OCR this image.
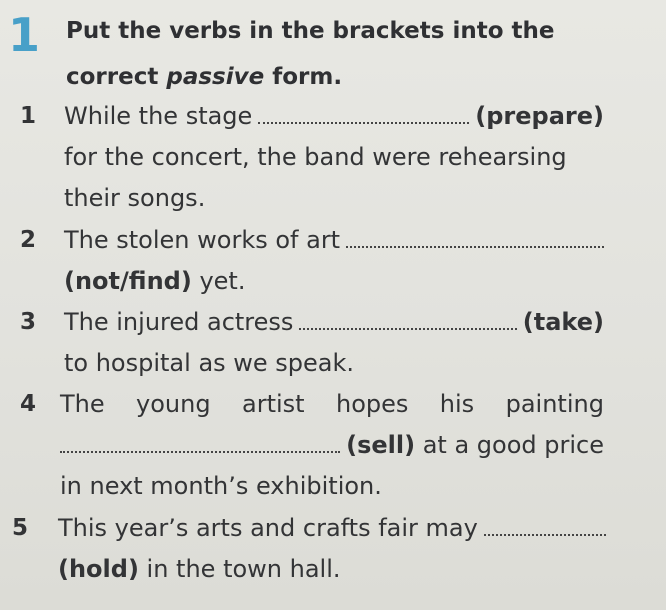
1 Put the verbs in the brackets into the correct passive form.
1	While the stage	(prepare)
for the concert, the band were rehearsing
their songs.
2	The stolen works of art
(not/find) yet.
3	The injured actress	(take)
to hospital as we speak.
4 The young artist hopes his painting
(sell) at a good price
in next month’s exhibition.
5	This year’s arts and crafts fair may
(hold) in the town hall.
